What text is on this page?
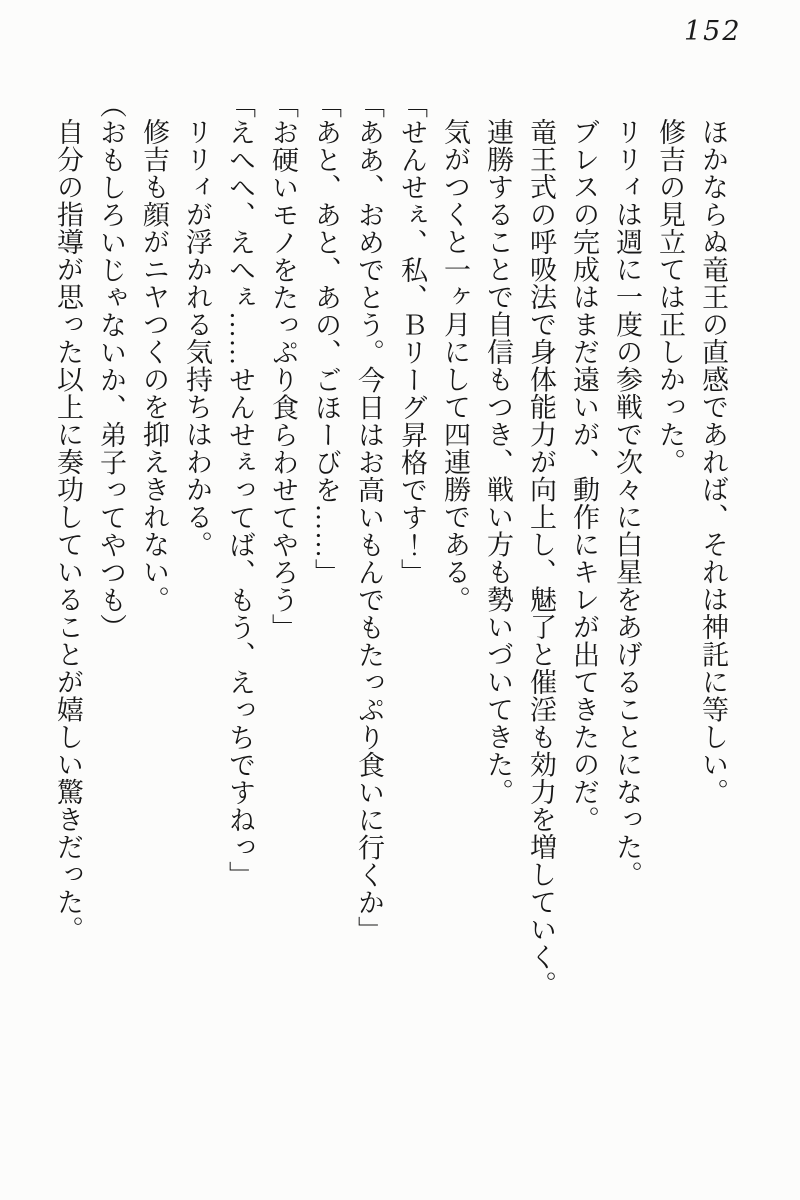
152

ほかならぬ竜王の直感であれば、それは神託に等しい。

修吉の見立ては正しかった。

リリィは週に一度の参戦で次々に白星をあげることになった。

ブレスの完成はまだ遠いが、動作にキレが出てきたのだ。

竜王式の呼吸法で身体能力が向上し、魅了と催淫も効力を増していく。

連勝することで自信もつき、戦い方も勢いづいてきた。

気がつくと一ヶ月にして四連勝である。

「せんせぇ、私、Ｂリーグ昇格です！」

「ああ、おめでとう。今日はお高いもんでもたっぷり食いに行くか」

「あと、あと、あの、ごほーびを……」

「お硬いモノをたっぷり食らわせてやろう」

「えへへ、えへぇ……せんせぇってば、もう、えっちですねっ」

リリィが浮かれる気持ちはわかる。

修吉も顔がニヤつくのを抑えきれない。

（おもしろいじゃないか、弟子ってやつも）

自分の指導が思った以上に奏功していることが嬉しい驚きだった。
